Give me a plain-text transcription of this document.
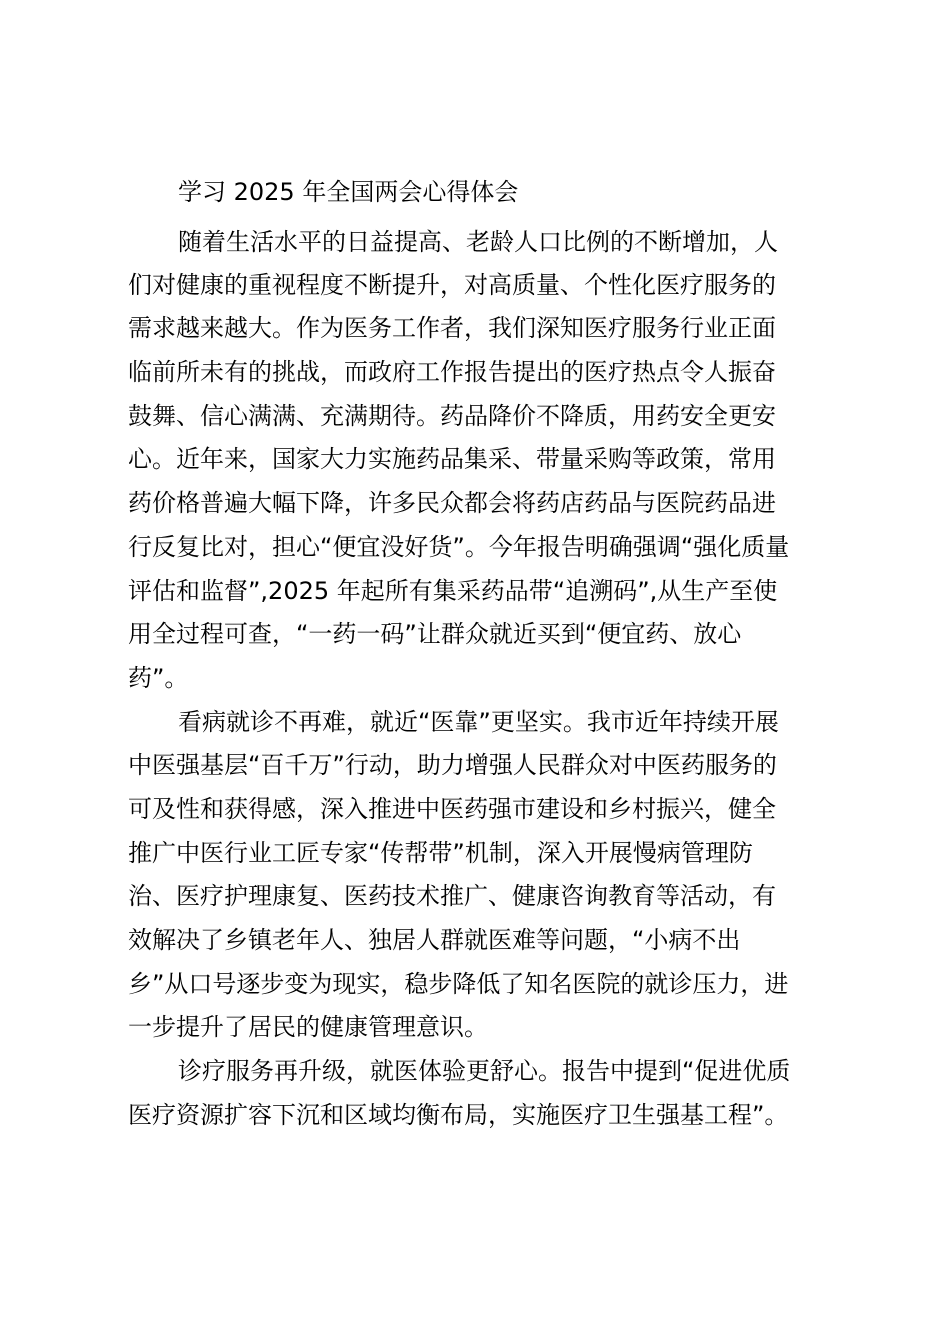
学习 2025 年全国两会心得体会
随着生活水平的日益提高、老龄人口比例的不断增加，人
们对健康的重视程度不断提升，对高质量、个性化医疗服务的
需求越来越大。作为医务工作者，我们深知医疗服务行业正面
临前所未有的挑战，而政府工作报告提出的医疗热点令人振奋
鼓舞、信心满满、充满期待。药品降价不降质，用药安全更安
心。近年来，国家大力实施药品集采、带量采购等政策，常用
药价格普遍大幅下降，许多民众都会将药店药品与医院药品进
行反复比对，担心“便宜没好货”。今年报告明确强调“强化质量
评估和监督”,2025 年起所有集采药品带“追溯码”,从生产至使
用全过程可查，“一药一码”让群众就近买到“便宜药、放心
药”。
看病就诊不再难，就近“医靠”更坚实。我市近年持续开展
中医强基层“百千万”行动，助力增强人民群众对中医药服务的
可及性和获得感，深入推进中医药强市建设和乡村振兴，健全
推广中医行业工匠专家“传帮带”机制，深入开展慢病管理防
治、医疗护理康复、医药技术推广、健康咨询教育等活动，有
效解决了乡镇老年人、独居人群就医难等问题，“小病不出
乡”从口号逐步变为现实，稳步降低了知名医院的就诊压力，进
一步提升了居民的健康管理意识。
诊疗服务再升级，就医体验更舒心。报告中提到“促进优质
医疗资源扩容下沉和区域均衡布局，实施医疗卫生强基工程”。
